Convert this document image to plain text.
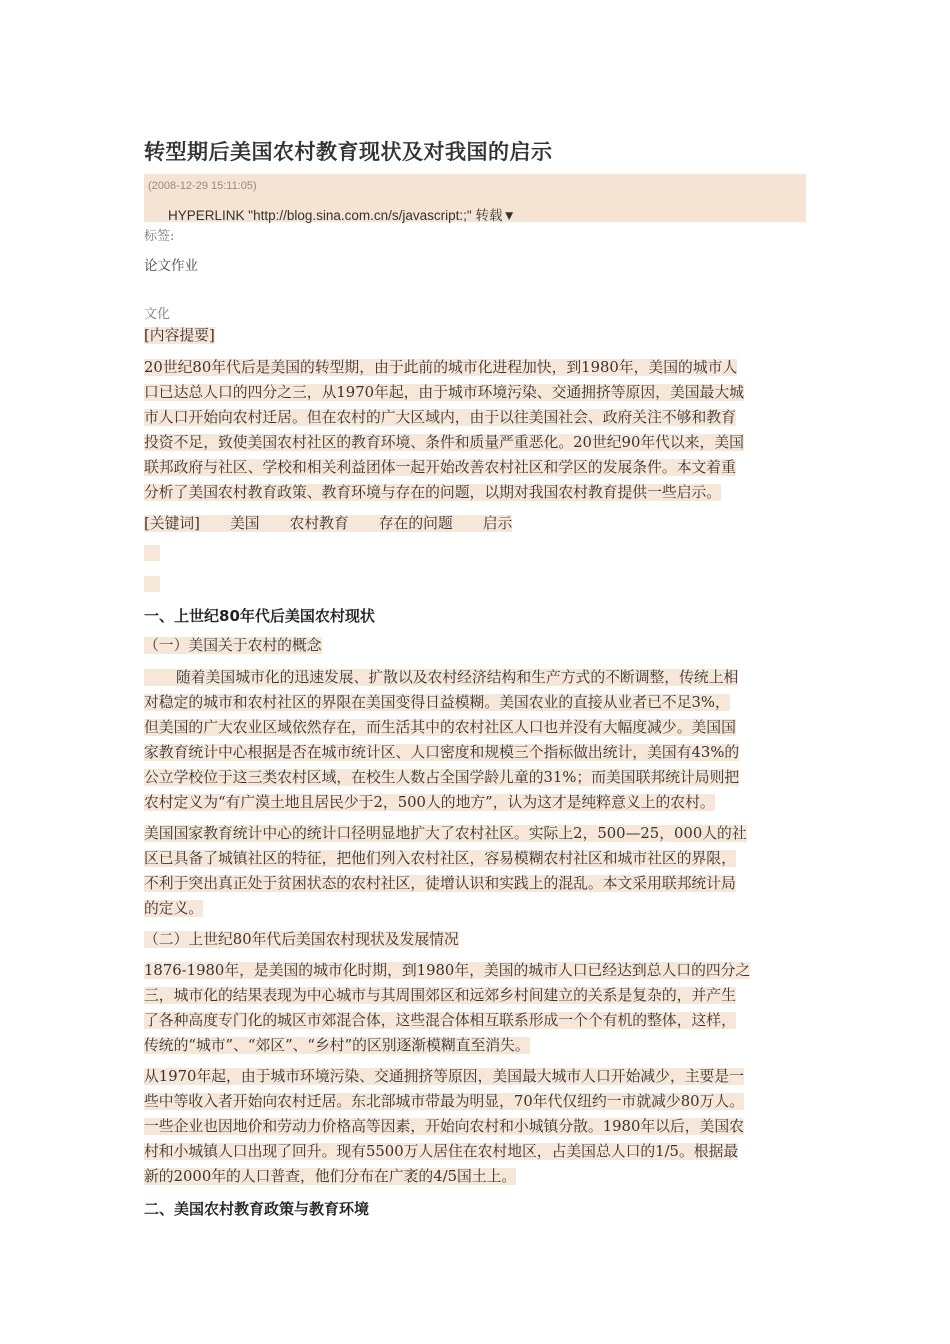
转型期后美国农村教育现状及对我国的启示
(2008-12-29 15:11:05)
HYPERLINK "http://blog.sina.com.cn/s/javascript:;" 转载▼
标签:
论文作业
文化
[内容提要]
20世纪80年代后是美国的转型期，由于此前的城市化进程加快，到1980年，美国的城市人
口已达总人口的四分之三，从1970年起，由于城市环境污染、交通拥挤等原因，美国最大城
市人口开始向农村迁居。但在农村的广大区域内，由于以往美国社会、政府关注不够和教育
投资不足，致使美国农村社区的教育环境、条件和质量严重恶化。20世纪90年代以来，美国
联邦政府与社区、学校和相关利益团体一起开始改善农村社区和学区的发展条件。本文着重
分析了美国农村教育政策、教育环境与存在的问题，以期对我国农村教育提供一些启示。
[关键词] 美国 农村教育 存在的问题 启示
一、上世纪80年代后美国农村现状
（一）美国关于农村的概念
随着美国城市化的迅速发展、扩散以及农村经济结构和生产方式的不断调整，传统上相
对稳定的城市和农村社区的界限在美国变得日益模糊。美国农业的直接从业者已不足3%，
但美国的广大农业区域依然存在，而生活其中的农村社区人口也并没有大幅度减少。美国国
家教育统计中心根据是否在城市统计区、人口密度和规模三个指标做出统计，美国有43%的
公立学校位于这三类农村区域，在校生人数占全国学龄儿童的31%；而美国联邦统计局则把
农村定义为“有广漠土地且居民少于2，500人的地方”，认为这才是纯粹意义上的农村。
美国国家教育统计中心的统计口径明显地扩大了农村社区。实际上2，500—25，000人的社
区已具备了城镇社区的特征，把他们列入农村社区，容易模糊农村社区和城市社区的界限，
不利于突出真正处于贫困状态的农村社区，徒增认识和实践上的混乱。本文采用联邦统计局
的定义。
（二）上世纪80年代后美国农村现状及发展情况
1876-1980年，是美国的城市化时期，到1980年，美国的城市人口已经达到总人口的四分之
三，城市化的结果表现为中心城市与其周围郊区和远郊乡村间建立的关系是复杂的，并产生
了各种高度专门化的城区市郊混合体，这些混合体相互联系形成一个个有机的整体，这样，
传统的“城市”、“郊区”、“乡村”的区别逐渐模糊直至消失。
从1970年起，由于城市环境污染、交通拥挤等原因，美国最大城市人口开始减少，主要是一
些中等收入者开始向农村迁居。东北部城市带最为明显，70年代仅纽约一市就减少80万人。
一些企业也因地价和劳动力价格高等因素，开始向农村和小城镇分散。1980年以后，美国农
村和小城镇人口出现了回升。现有5500万人居住在农村地区，占美国总人口的1/5。根据最
新的2000年的人口普查，他们分布在广袤的4/5国土上。
二、美国农村教育政策与教育环境
